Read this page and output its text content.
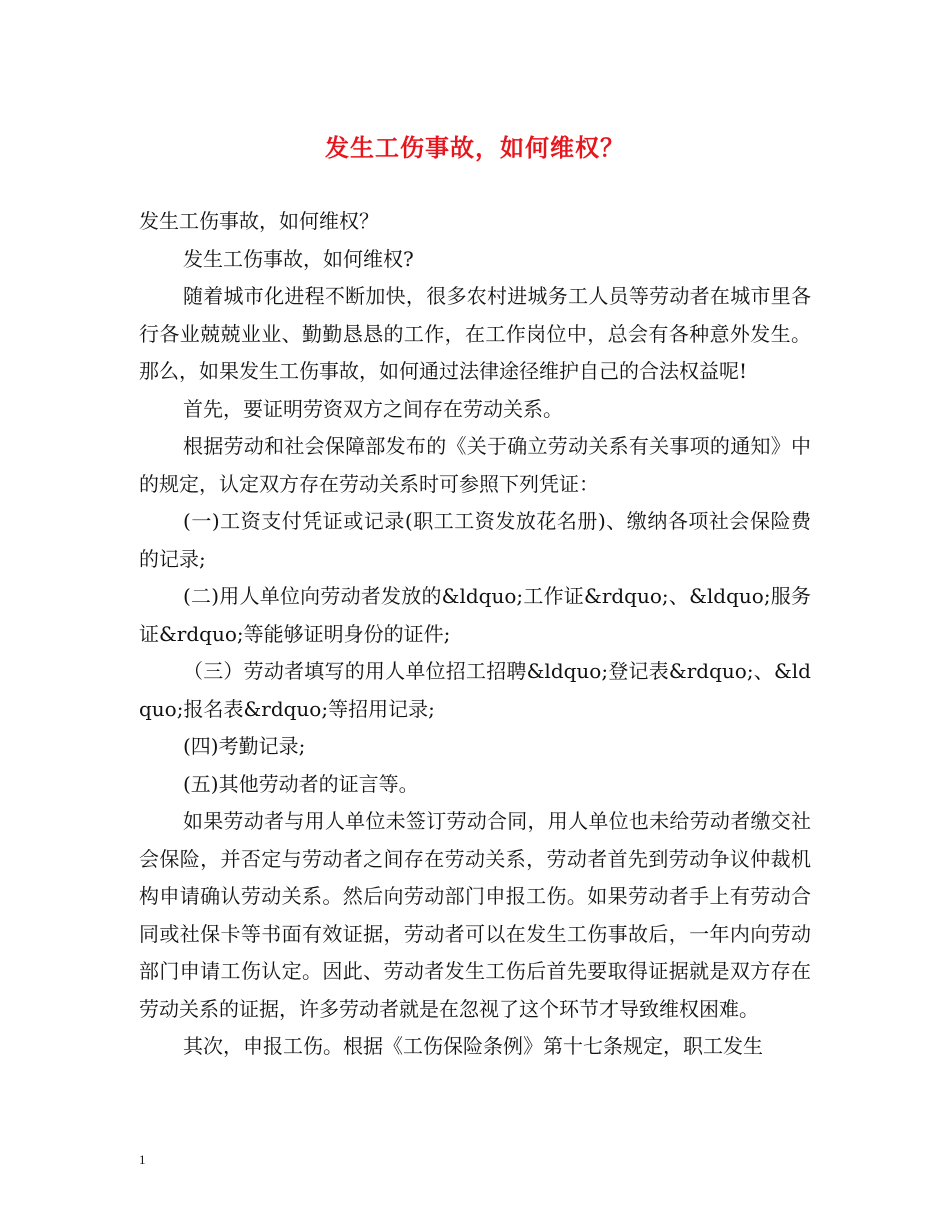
发生工伤事故，如何维权？

发生工伤事故，如何维权？

发生工伤事故，如何维权?

随着城市化进程不断加快，很多农村进城务工人员等劳动者在城市里各行各业兢兢业业、勤勤恳恳的工作，在工作岗位中，总会有各种意外发生。那么，如果发生工伤事故，如何通过法律途径维护自己的合法权益呢!

首先，要证明劳资双方之间存在劳动关系。

根据劳动和社会保障部发布的《关于确立劳动关系有关事项的通知》中的规定，认定双方存在劳动关系时可参照下列凭证：

(一)工资支付凭证或记录(职工工资发放花名册)、缴纳各项社会保险费的记录;

(二)用人单位向劳动者发放的&ldquo;工作证&rdquo;、&ldquo;服务证&rdquo;等能够证明身份的证件;

（三）劳动者填写的用人单位招工招聘&ldquo;登记表&rdquo;、&ldquo;报名表&rdquo;等招用记录;

(四)考勤记录;

(五)其他劳动者的证言等。

如果劳动者与用人单位未签订劳动合同，用人单位也未给劳动者缴交社会保险，并否定与劳动者之间存在劳动关系，劳动者首先到劳动争议仲裁机构申请确认劳动关系。然后向劳动部门申报工伤。如果劳动者手上有劳动合同或社保卡等书面有效证据，劳动者可以在发生工伤事故后，一年内向劳动部门申请工伤认定。因此、劳动者发生工伤后首先要取得证据就是双方存在劳动关系的证据，许多劳动者就是在忽视了这个环节才导致维权困难。

其次，申报工伤。根据《工伤保险条例》第十七条规定，职工发生

1
